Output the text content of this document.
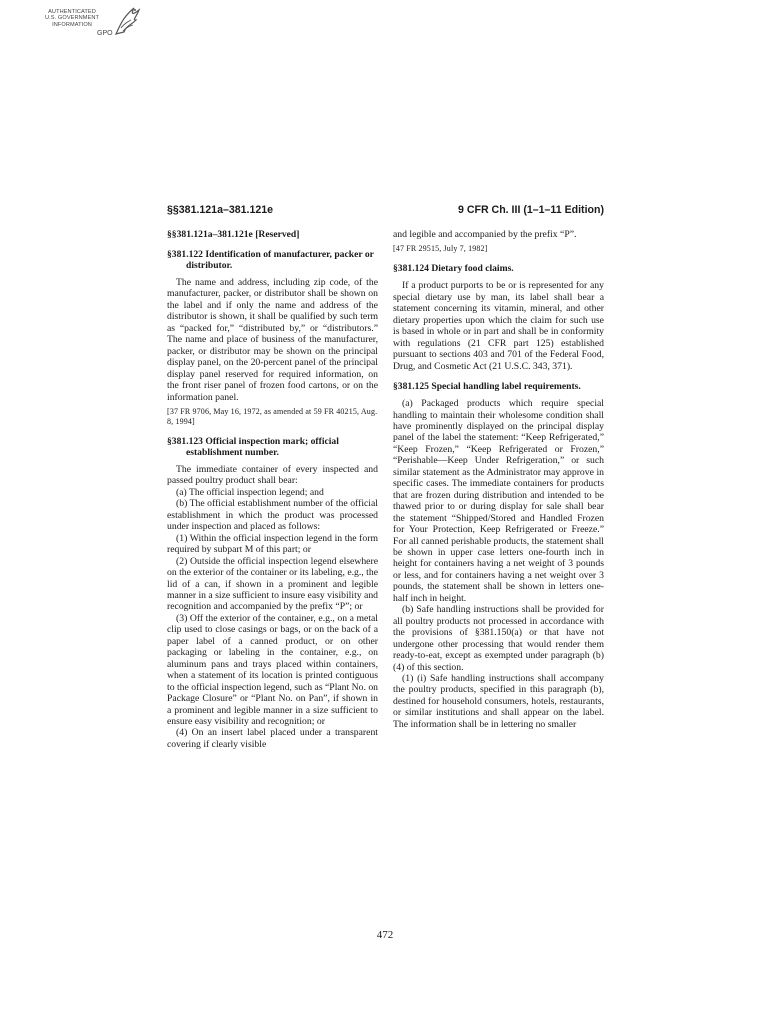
AUTHENTICATED
U.S. GOVERNMENT
INFORMATION
GPO
§§381.121a–381.121e	9 CFR Ch. III (1–1–11 Edition)

§§381.121a–381.121e [Reserved]

§381.122 Identification of manufacturer, packer or distributor.

The name and address, including zip code, of the manufacturer, packer, or distributor shall be shown on the label and if only the name and address of the distributor is shown, it shall be qualified by such term as “packed for,” “distributed by,” or “distributors.” The name and place of business of the manufacturer, packer, or distributor may be shown on the principal display panel, on the 20-percent panel of the principal display panel reserved for required information, on the front riser panel of frozen food cartons, or on the information panel.

[37 FR 9706, May 16, 1972, as amended at 59 FR 40215, Aug. 8, 1994]

§381.123 Official inspection mark; official establishment number.

The immediate container of every inspected and passed poultry product shall bear:

(a) The official inspection legend; and

(b) The official establishment number of the official establishment in which the product was processed under inspection and placed as follows:

(1) Within the official inspection legend in the form required by subpart M of this part; or

(2) Outside the official inspection legend elsewhere on the exterior of the container or its labeling, e.g., the lid of a can, if shown in a prominent and legible manner in a size sufficient to insure easy visibility and recognition and accompanied by the prefix “P”; or

(3) Off the exterior of the container, e.g., on a metal clip used to close casings or bags, or on the back of a paper label of a canned product, or on other packaging or labeling in the container, e.g., on aluminum pans and trays placed within containers, when a statement of its location is printed contiguous to the official inspection legend, such as “Plant No. on Package Closure” or “Plant No. on Pan”, if shown in a prominent and legible manner in a size sufficient to ensure easy visibility and recognition; or

(4) On an insert label placed under a transparent covering if clearly visible

and legible and accompanied by the prefix “P”.

[47 FR 29515, July 7, 1982]

§381.124 Dietary food claims.

If a product purports to be or is represented for any special dietary use by man, its label shall bear a statement concerning its vitamin, mineral, and other dietary properties upon which the claim for such use is based in whole or in part and shall be in conformity with regulations (21 CFR part 125) established pursuant to sections 403 and 701 of the Federal Food, Drug, and Cosmetic Act (21 U.S.C. 343, 371).

§381.125 Special handling label requirements.

(a) Packaged products which require special handling to maintain their wholesome condition shall have prominently displayed on the principal display panel of the label the statement: “Keep Refrigerated,” “Keep Frozen,” “Keep Refrigerated or Frozen,” “Perishable—Keep Under Refrigeration,” or such similar statement as the Administrator may approve in specific cases. The immediate containers for products that are frozen during distribution and intended to be thawed prior to or during display for sale shall bear the statement “Shipped/Stored and Handled Frozen for Your Protection, Keep Refrigerated or Freeze.” For all canned perishable products, the statement shall be shown in upper case letters one-fourth inch in height for containers having a net weight of 3 pounds or less, and for containers having a net weight over 3 pounds, the statement shall be shown in letters one-half inch in height.

(b) Safe handling instructions shall be provided for all poultry products not processed in accordance with the provisions of §381.150(a) or that have not undergone other processing that would render them ready-to-eat, except as exempted under paragraph (b)(4) of this section.

(1) (i) Safe handling instructions shall accompany the poultry products, specified in this paragraph (b), destined for household consumers, hotels, restaurants, or similar institutions and shall appear on the label. The information shall be in lettering no smaller

472
